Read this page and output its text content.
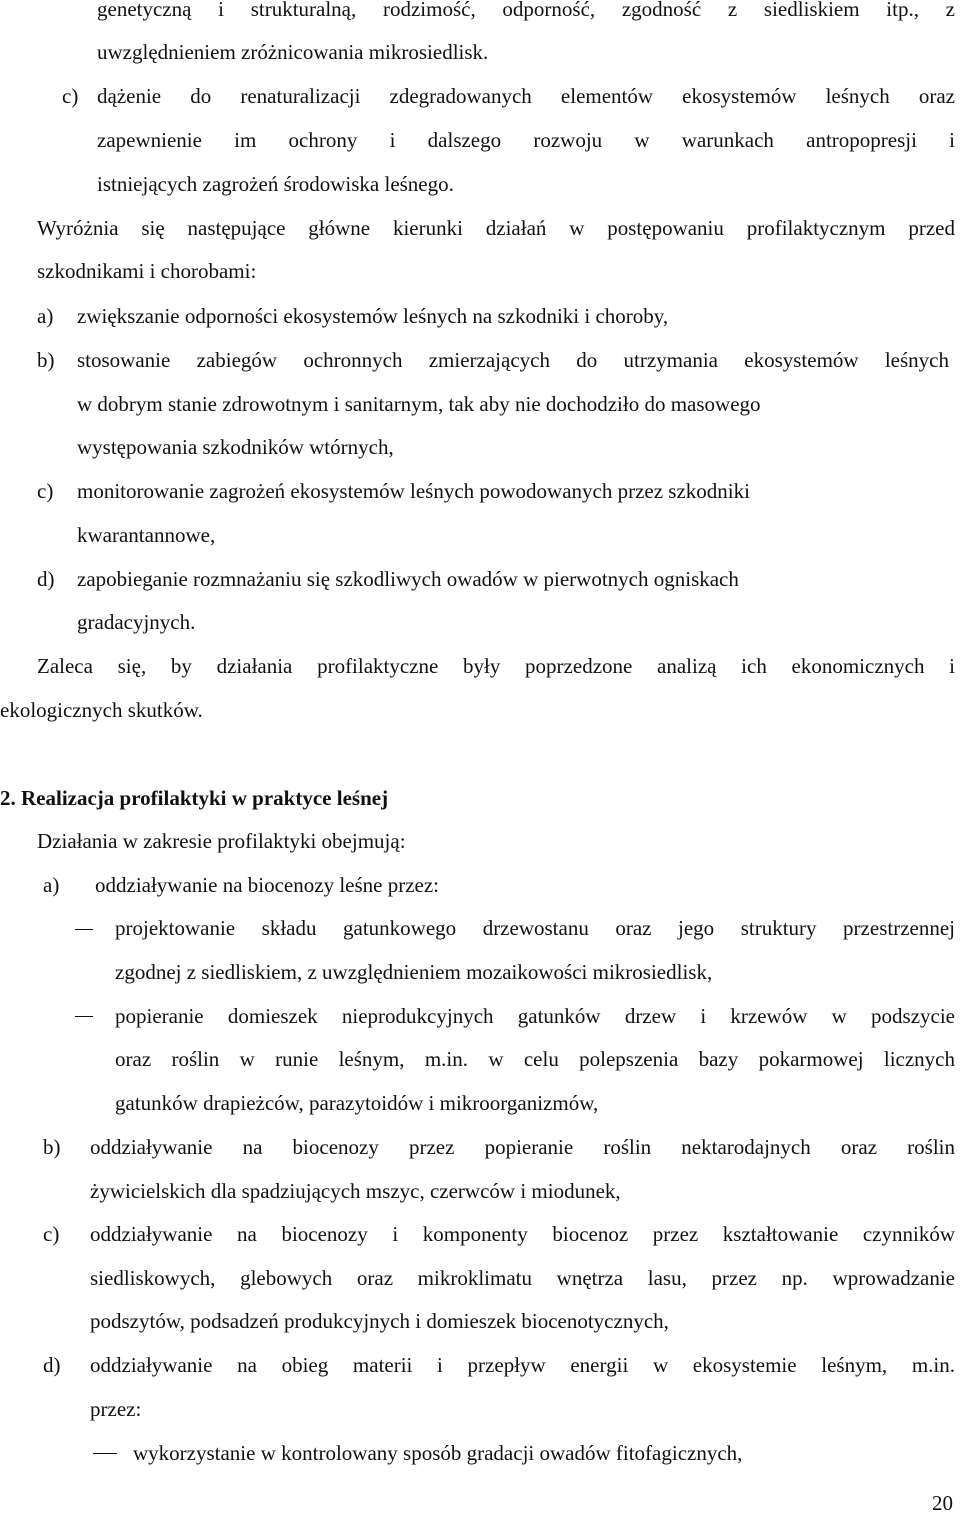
genetyczną i strukturalną, rodzimość, odporność, zgodność z siedliskiem itp., z
uwzględnieniem zróżnicowania mikrosiedlisk.
c) dążenie do renaturalizacji zdegradowanych elementów ekosystemów leśnych oraz
zapewnienie im ochrony i dalszego rozwoju w warunkach antropopresji i
istniejących zagrożeń środowiska leśnego.
Wyróżnia się następujące główne kierunki działań w postępowaniu profilaktycznym przed
szkodnikami i chorobami:
a) zwiększanie odporności ekosystemów leśnych na szkodniki i choroby,
b) stosowanie zabiegów ochronnych zmierzających do utrzymania ekosystemów leśnych
w dobrym stanie zdrowotnym i sanitarnym, tak aby nie dochodziło do masowego
występowania szkodników wtórnych,
c) monitorowanie zagrożeń ekosystemów leśnych powodowanych przez szkodniki
kwarantannowe,
d) zapobieganie rozmnażaniu się szkodliwych owadów w pierwotnych ogniskach
gradacyjnych.
Zaleca się, by działania profilaktyczne były poprzedzone analizą ich ekonomicznych i
ekologicznych skutków.
2. Realizacja profilaktyki w praktyce leśnej
Działania w zakresie profilaktyki obejmują:
a) oddziaływanie na biocenozy leśne przez:
projektowanie składu gatunkowego drzewostanu oraz jego struktury przestrzennej
zgodnej z siedliskiem, z uwzględnieniem mozaikowości mikrosiedlisk,
popieranie domieszek nieprodukcyjnych gatunków drzew i krzewów w podszycie
oraz roślin w runie leśnym, m.in. w celu polepszenia bazy pokarmowej licznych
gatunków drapieżców, parazytoidów i mikroorganizmów,
b) oddziaływanie na biocenozy przez popieranie roślin nektarodajnych oraz roślin
żywicielskich dla spadziujących mszyc, czerwców i miodunek,
c) oddziaływanie na biocenozy i komponenty biocenoz przez kształtowanie czynników
siedliskowych, glebowych oraz mikroklimatu wnętrza lasu, przez np. wprowadzanie
podszytów, podsadzeń produkcyjnych i domieszek biocenotycznych,
d) oddziaływanie na obieg materii i przepływ energii w ekosystemie leśnym, m.in.
przez:
wykorzystanie w kontrolowany sposób gradacji owadów fitofagicznych,
20
